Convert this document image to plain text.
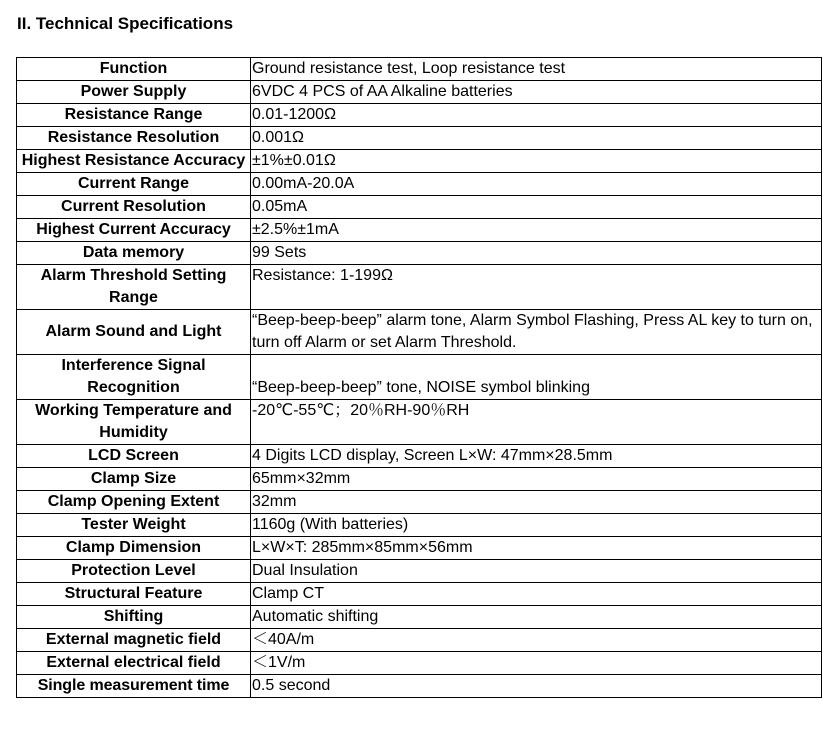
II. Technical Specifications
Function	Ground resistance test, Loop resistance test
Power Supply	6VDC 4 PCS of AA Alkaline batteries
Resistance Range	0.01-1200Ω
Resistance Resolution	0.001Ω
Highest Resistance Accuracy	±1%±0.01Ω
Current Range	0.00mA-20.0A
Current Resolution	0.05mA
Highest Current Accuracy	±2.5%±1mA
Data memory	99 Sets
Alarm Threshold Setting Range	Resistance: 1-199Ω
Alarm Sound and Light	“Beep-beep-beep” alarm tone, Alarm Symbol Flashing, Press AL key to turn on, turn off Alarm or set Alarm Threshold.
Interference Signal Recognition	“Beep-beep-beep” tone, NOISE symbol blinking
Working Temperature and Humidity	-20℃-55℃；20％RH-90％RH
LCD Screen	4 Digits LCD display, Screen L×W: 47mm×28.5mm
Clamp Size	65mm×32mm
Clamp Opening Extent	32mm
Tester Weight	1160g (With batteries)
Clamp Dimension	L×W×T: 285mm×85mm×56mm
Protection Level	Dual Insulation
Structural Feature	Clamp CT
Shifting	Automatic shifting
External magnetic field	＜40A/m
External electrical field	＜1V/m
Single measurement time	0.5 second
